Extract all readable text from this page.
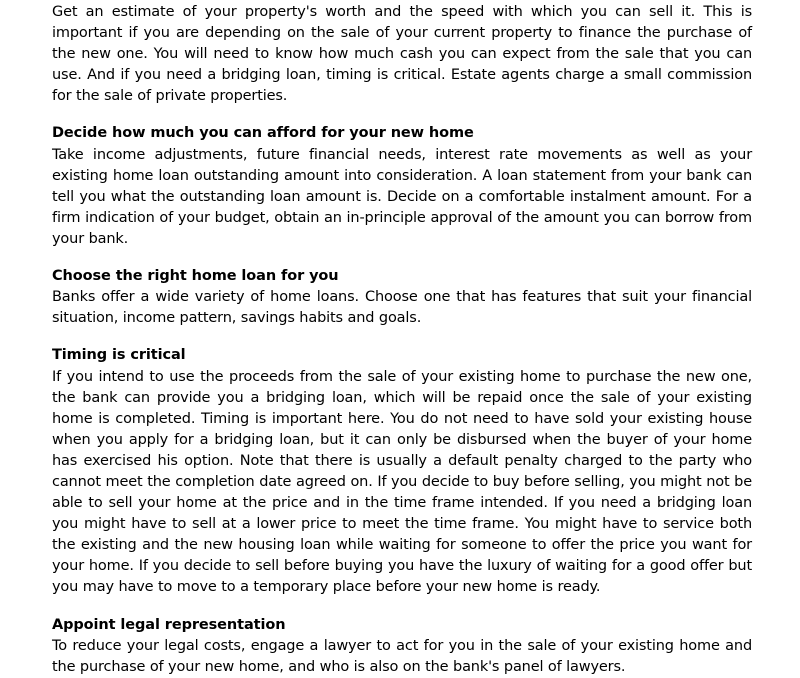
Get an estimate of your property's worth and the speed with which you can sell it. This is important if you are depending on the sale of your current property to finance the purchase of the new one. You will need to know how much cash you can expect from the sale that you can use. And if you need a bridging loan, timing is critical. Estate agents charge a small commission for the sale of private properties.

Decide how much you can afford for your new home

Take income adjustments, future financial needs, interest rate movements as well as your existing home loan outstanding amount into consideration. A loan statement from your bank can tell you what the outstanding loan amount is. Decide on a comfortable instalment amount. For a firm indication of your budget, obtain an in-principle approval of the amount you can borrow from your bank.

Choose the right home loan for you

Banks offer a wide variety of home loans. Choose one that has features that suit your financial situation, income pattern, savings habits and goals.

Timing is critical

If you intend to use the proceeds from the sale of your existing home to purchase the new one, the bank can provide you a bridging loan, which will be repaid once the sale of your existing home is completed. Timing is important here. You do not need to have sold your existing house when you apply for a bridging loan, but it can only be disbursed when the buyer of your home has exercised his option. Note that there is usually a default penalty charged to the party who cannot meet the completion date agreed on. If you decide to buy before selling, you might not be able to sell your home at the price and in the time frame intended. If you need a bridging loan you might have to sell at a lower price to meet the time frame. You might have to service both the existing and the new housing loan while waiting for someone to offer the price you want for your home. If you decide to sell before buying you have the luxury of waiting for a good offer but you may have to move to a temporary place before your new home is ready.

Appoint legal representation

To reduce your legal costs, engage a lawyer to act for you in the sale of your existing home and the purchase of your new home, and who is also on the bank's panel of lawyers.
